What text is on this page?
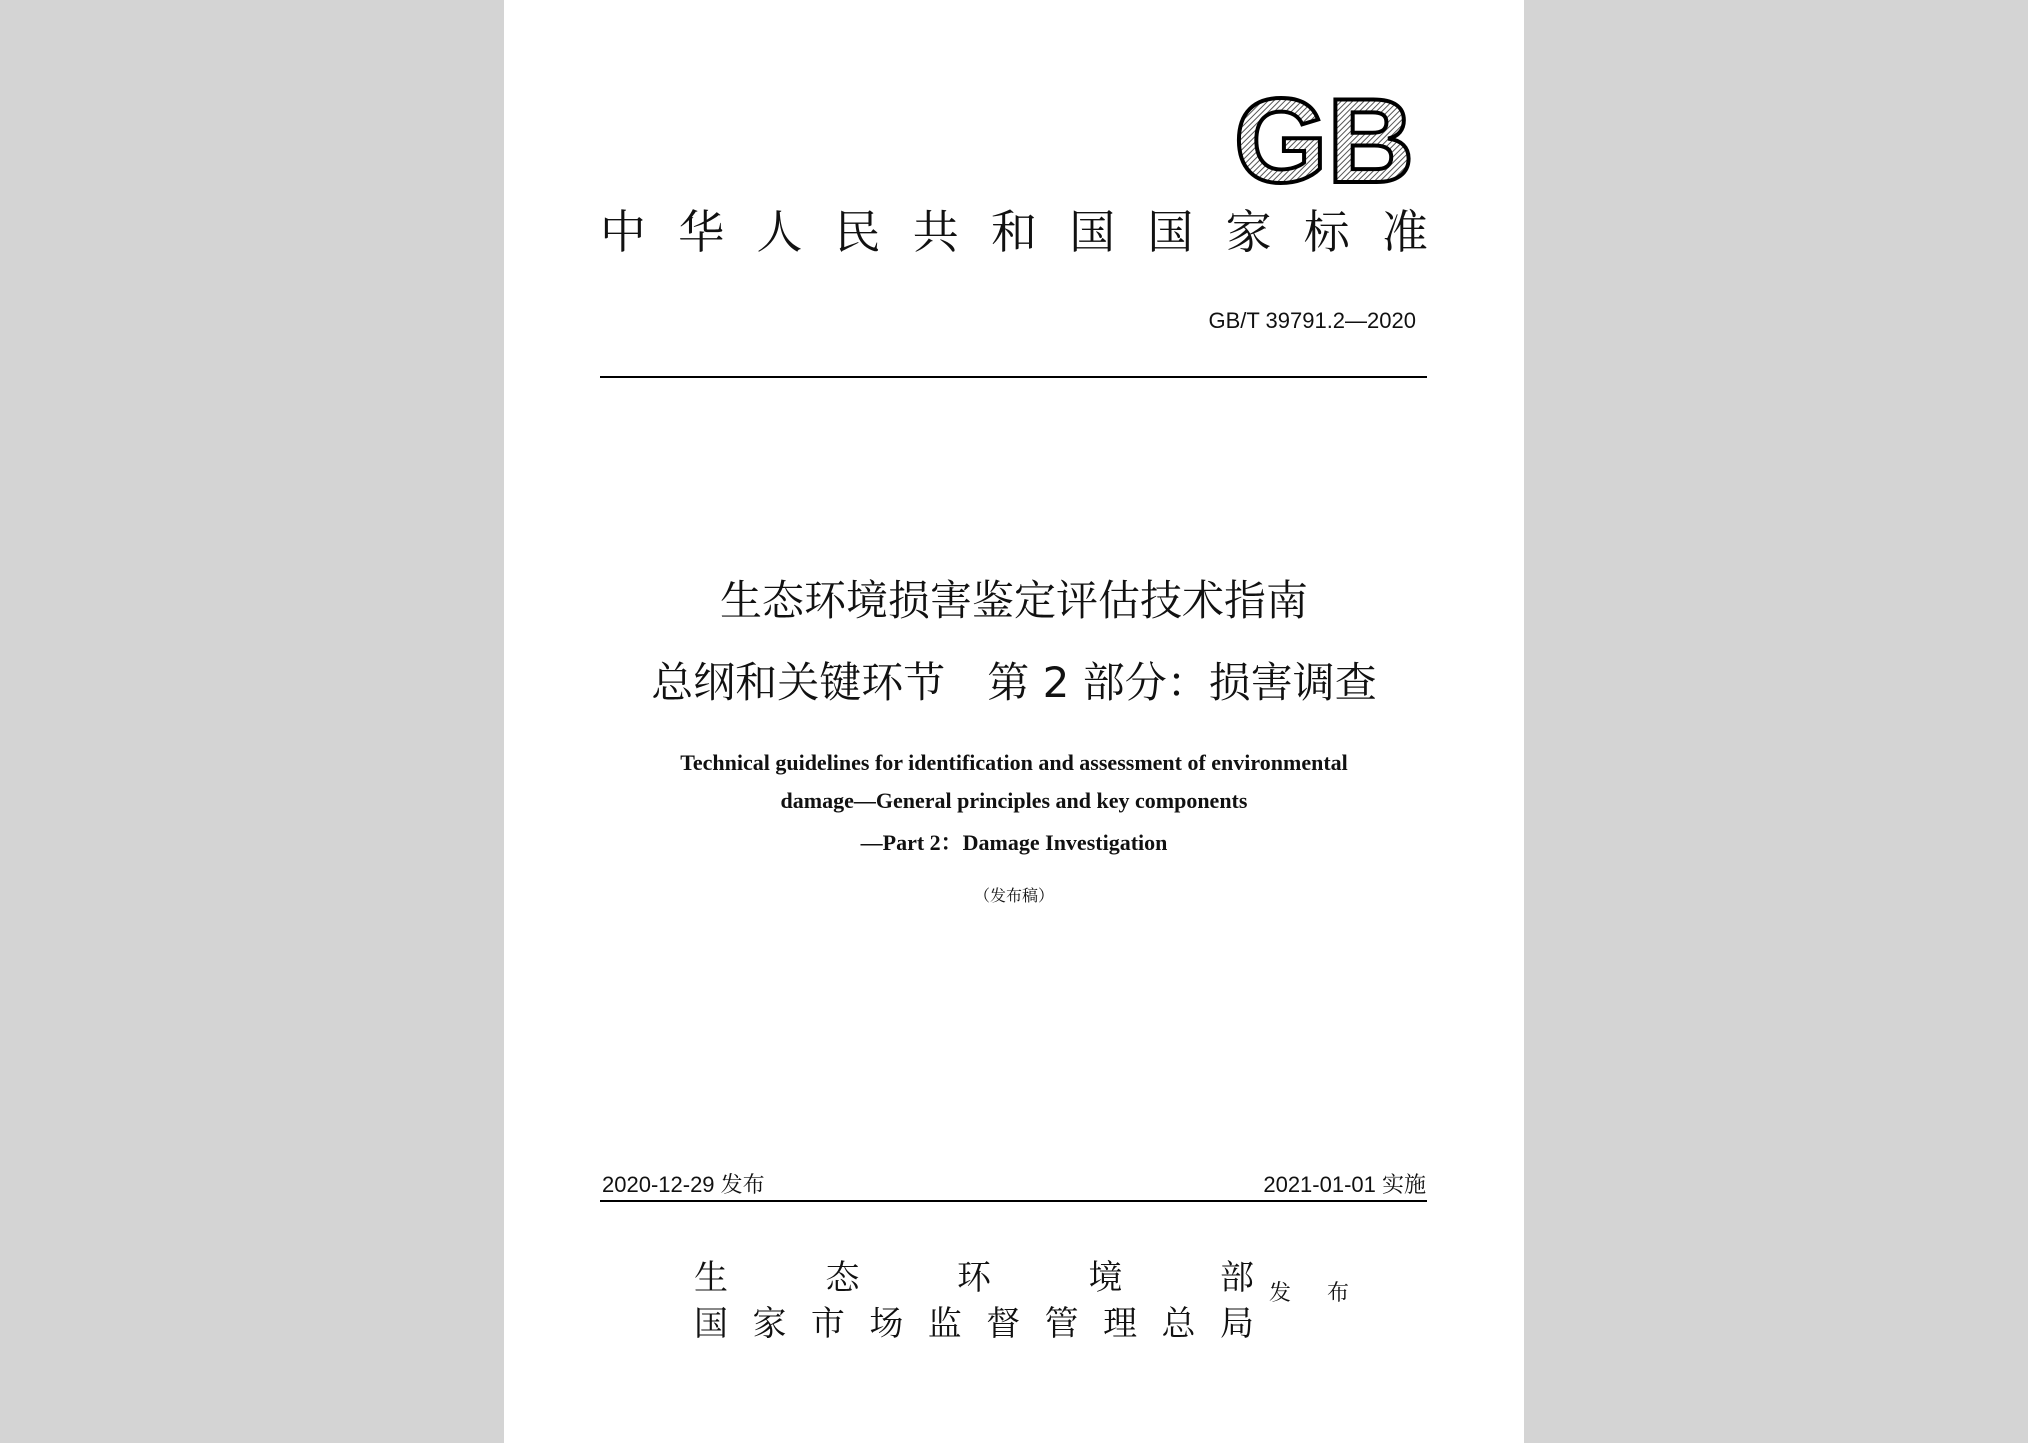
GB
中华人民共和国国家标准
GB/T 39791.2—2020
生态环境损害鉴定评估技术指南
总纲和关键环节　第 2 部分：损害调查
Technical guidelines for identification and assessment of environmental
damage—General principles and key components
—Part 2：Damage Investigation
（发布稿）
2020-12-29 发布	2021-01-01 实施
生态环境部
国家市场监督管理总局
发布
